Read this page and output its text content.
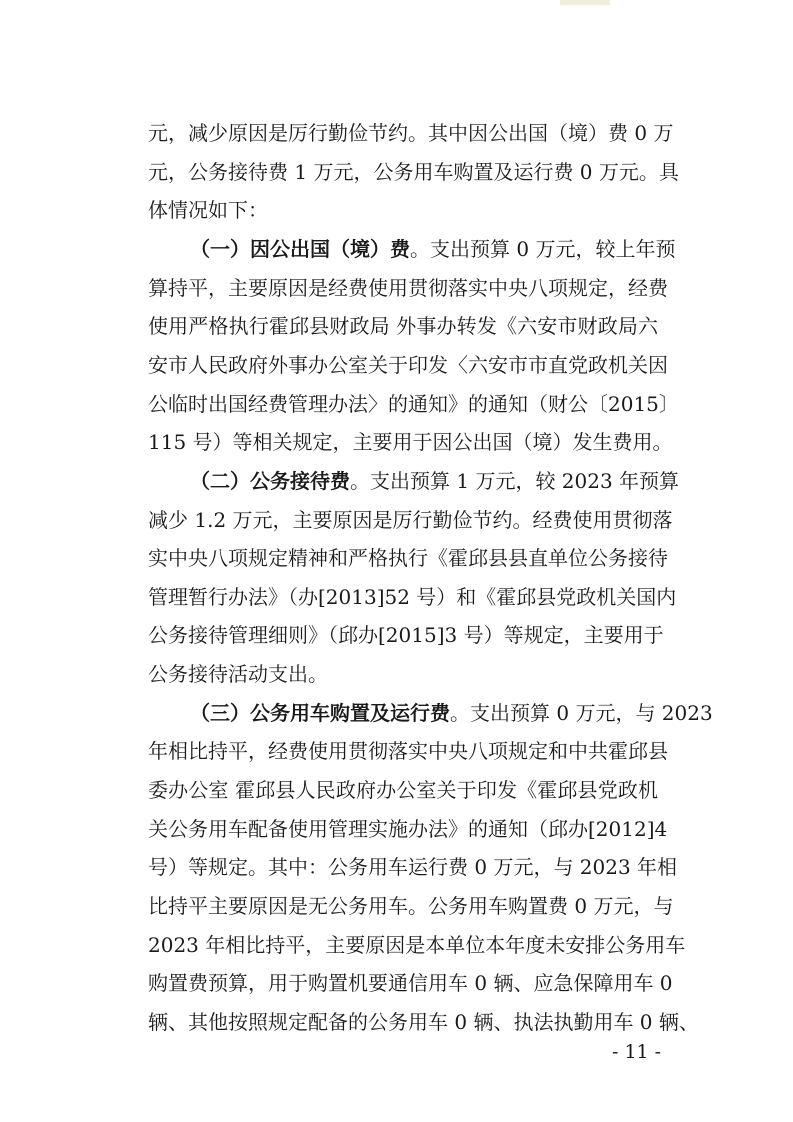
元，减少原因是厉行勤俭节约。其中因公出国（境）费 0 万
元，公务接待费 1 万元，公务用车购置及运行费 0 万元。具
体情况如下：
（一）因公出国（境）费。支出预算 0 万元，较上年预
算持平，主要原因是经费使用贯彻落实中央八项规定，经费
使用严格执行霍邱县财政局 外事办转发《六安市财政局六
安市人民政府外事办公室关于印发〈六安市市直党政机关因
公临时出国经费管理办法〉的通知》的通知（财公〔2015〕
115 号）等相关规定，主要用于因公出国（境）发生费用。
（二）公务接待费。支出预算 1 万元，较 2023 年预算
减少 1.2 万元，主要原因是厉行勤俭节约。经费使用贯彻落
实中央八项规定精神和严格执行《霍邱县县直单位公务接待
管理暂行办法》（办[2013]52 号）和《霍邱县党政机关国内
公务接待管理细则》（邱办[2015]3 号）等规定，主要用于
公务接待活动支出。
（三）公务用车购置及运行费。支出预算 0 万元，与 2023
年相比持平，经费使用贯彻落实中央八项规定和中共霍邱县
委办公室 霍邱县人民政府办公室关于印发《霍邱县党政机
关公务用车配备使用管理实施办法》的通知（邱办[2012]4
号）等规定。其中：公务用车运行费 0 万元，与 2023 年相
比持平主要原因是无公务用车。公务用车购置费 0 万元，与
2023 年相比持平，主要原因是本单位本年度未安排公务用车
购置费预算，用于购置机要通信用车 0 辆、应急保障用车 0
辆、其他按照规定配备的公务用车 0 辆、执法执勤用车 0 辆、
- 11 -
